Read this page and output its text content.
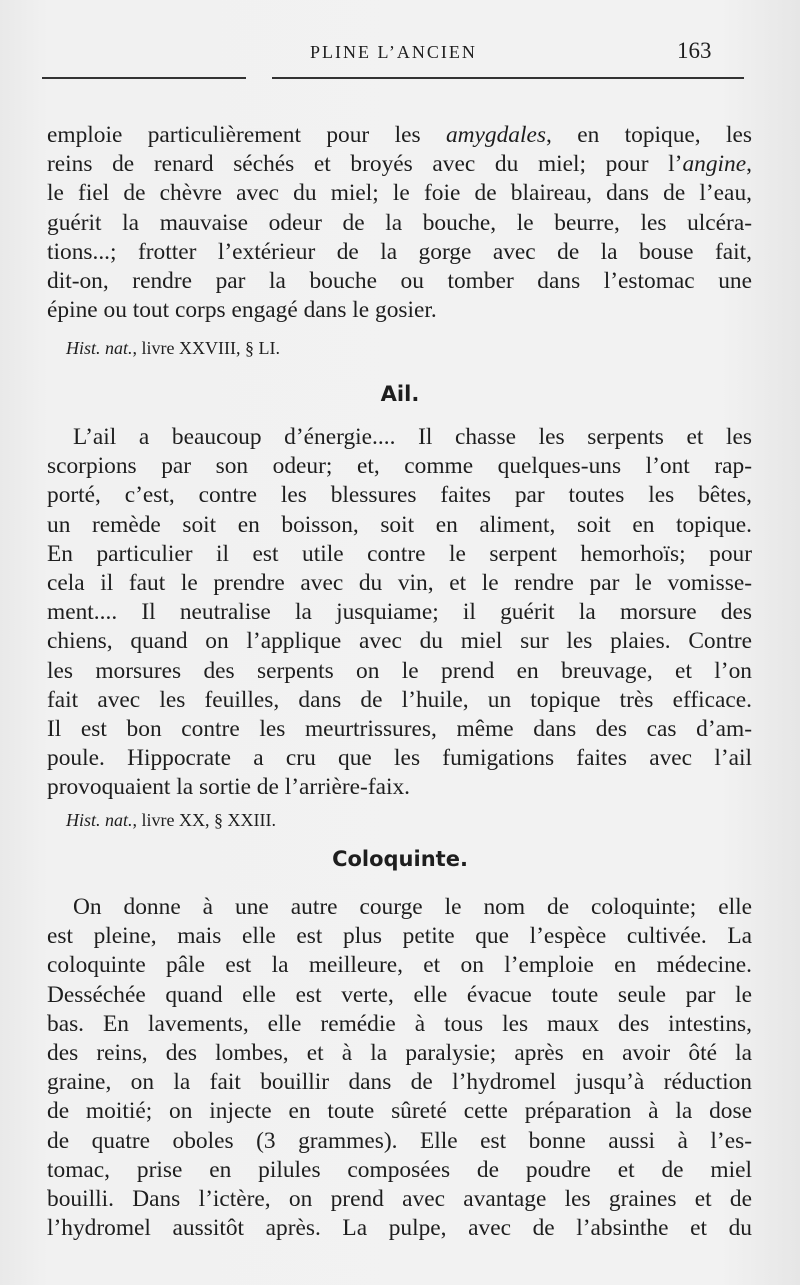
PLINE L’ANCIEN	163
emploie particulièrement pour les amygdales, en topique, les
reins de renard séchés et broyés avec du miel; pour l’angine,
le fiel de chèvre avec du miel; le foie de blaireau, dans de l’eau,
guérit la mauvaise odeur de la bouche, le beurre, les ulcéra-
tions...; frotter l’extérieur de la gorge avec de la bouse fait,
dit-on, rendre par la bouche ou tomber dans l’estomac une
épine ou tout corps engagé dans le gosier.
Hist. nat., livre XXVIII, § LI.
Ail.
L’ail a beaucoup d’énergie.... Il chasse les serpents et les
scorpions par son odeur; et, comme quelques-uns l’ont rap-
porté, c’est, contre les blessures faites par toutes les bêtes,
un remède soit en boisson, soit en aliment, soit en topique.
En particulier il est utile contre le serpent hemorhoïs; pour
cela il faut le prendre avec du vin, et le rendre par le vomisse-
ment.... Il neutralise la jusquiame; il guérit la morsure des
chiens, quand on l’applique avec du miel sur les plaies. Contre
les morsures des serpents on le prend en breuvage, et l’on
fait avec les feuilles, dans de l’huile, un topique très efficace.
Il est bon contre les meurtrissures, même dans des cas d’am-
poule. Hippocrate a cru que les fumigations faites avec l’ail
provoquaient la sortie de l’arrière-faix.
Hist. nat., livre XX, § XXIII.
Coloquinte.
On donne à une autre courge le nom de coloquinte; elle
est pleine, mais elle est plus petite que l’espèce cultivée. La
coloquinte pâle est la meilleure, et on l’emploie en médecine.
Desséchée quand elle est verte, elle évacue toute seule par le
bas. En lavements, elle remédie à tous les maux des intestins,
des reins, des lombes, et à la paralysie; après en avoir ôté la
graine, on la fait bouillir dans de l’hydromel jusqu’à réduction
de moitié; on injecte en toute sûreté cette préparation à la dose
de quatre oboles (3 grammes). Elle est bonne aussi à l’es-
tomac, prise en pilules composées de poudre et de miel
bouilli. Dans l’ictère, on prend avec avantage les graines et de
l’hydromel aussitôt après. La pulpe, avec de l’absinthe et du
